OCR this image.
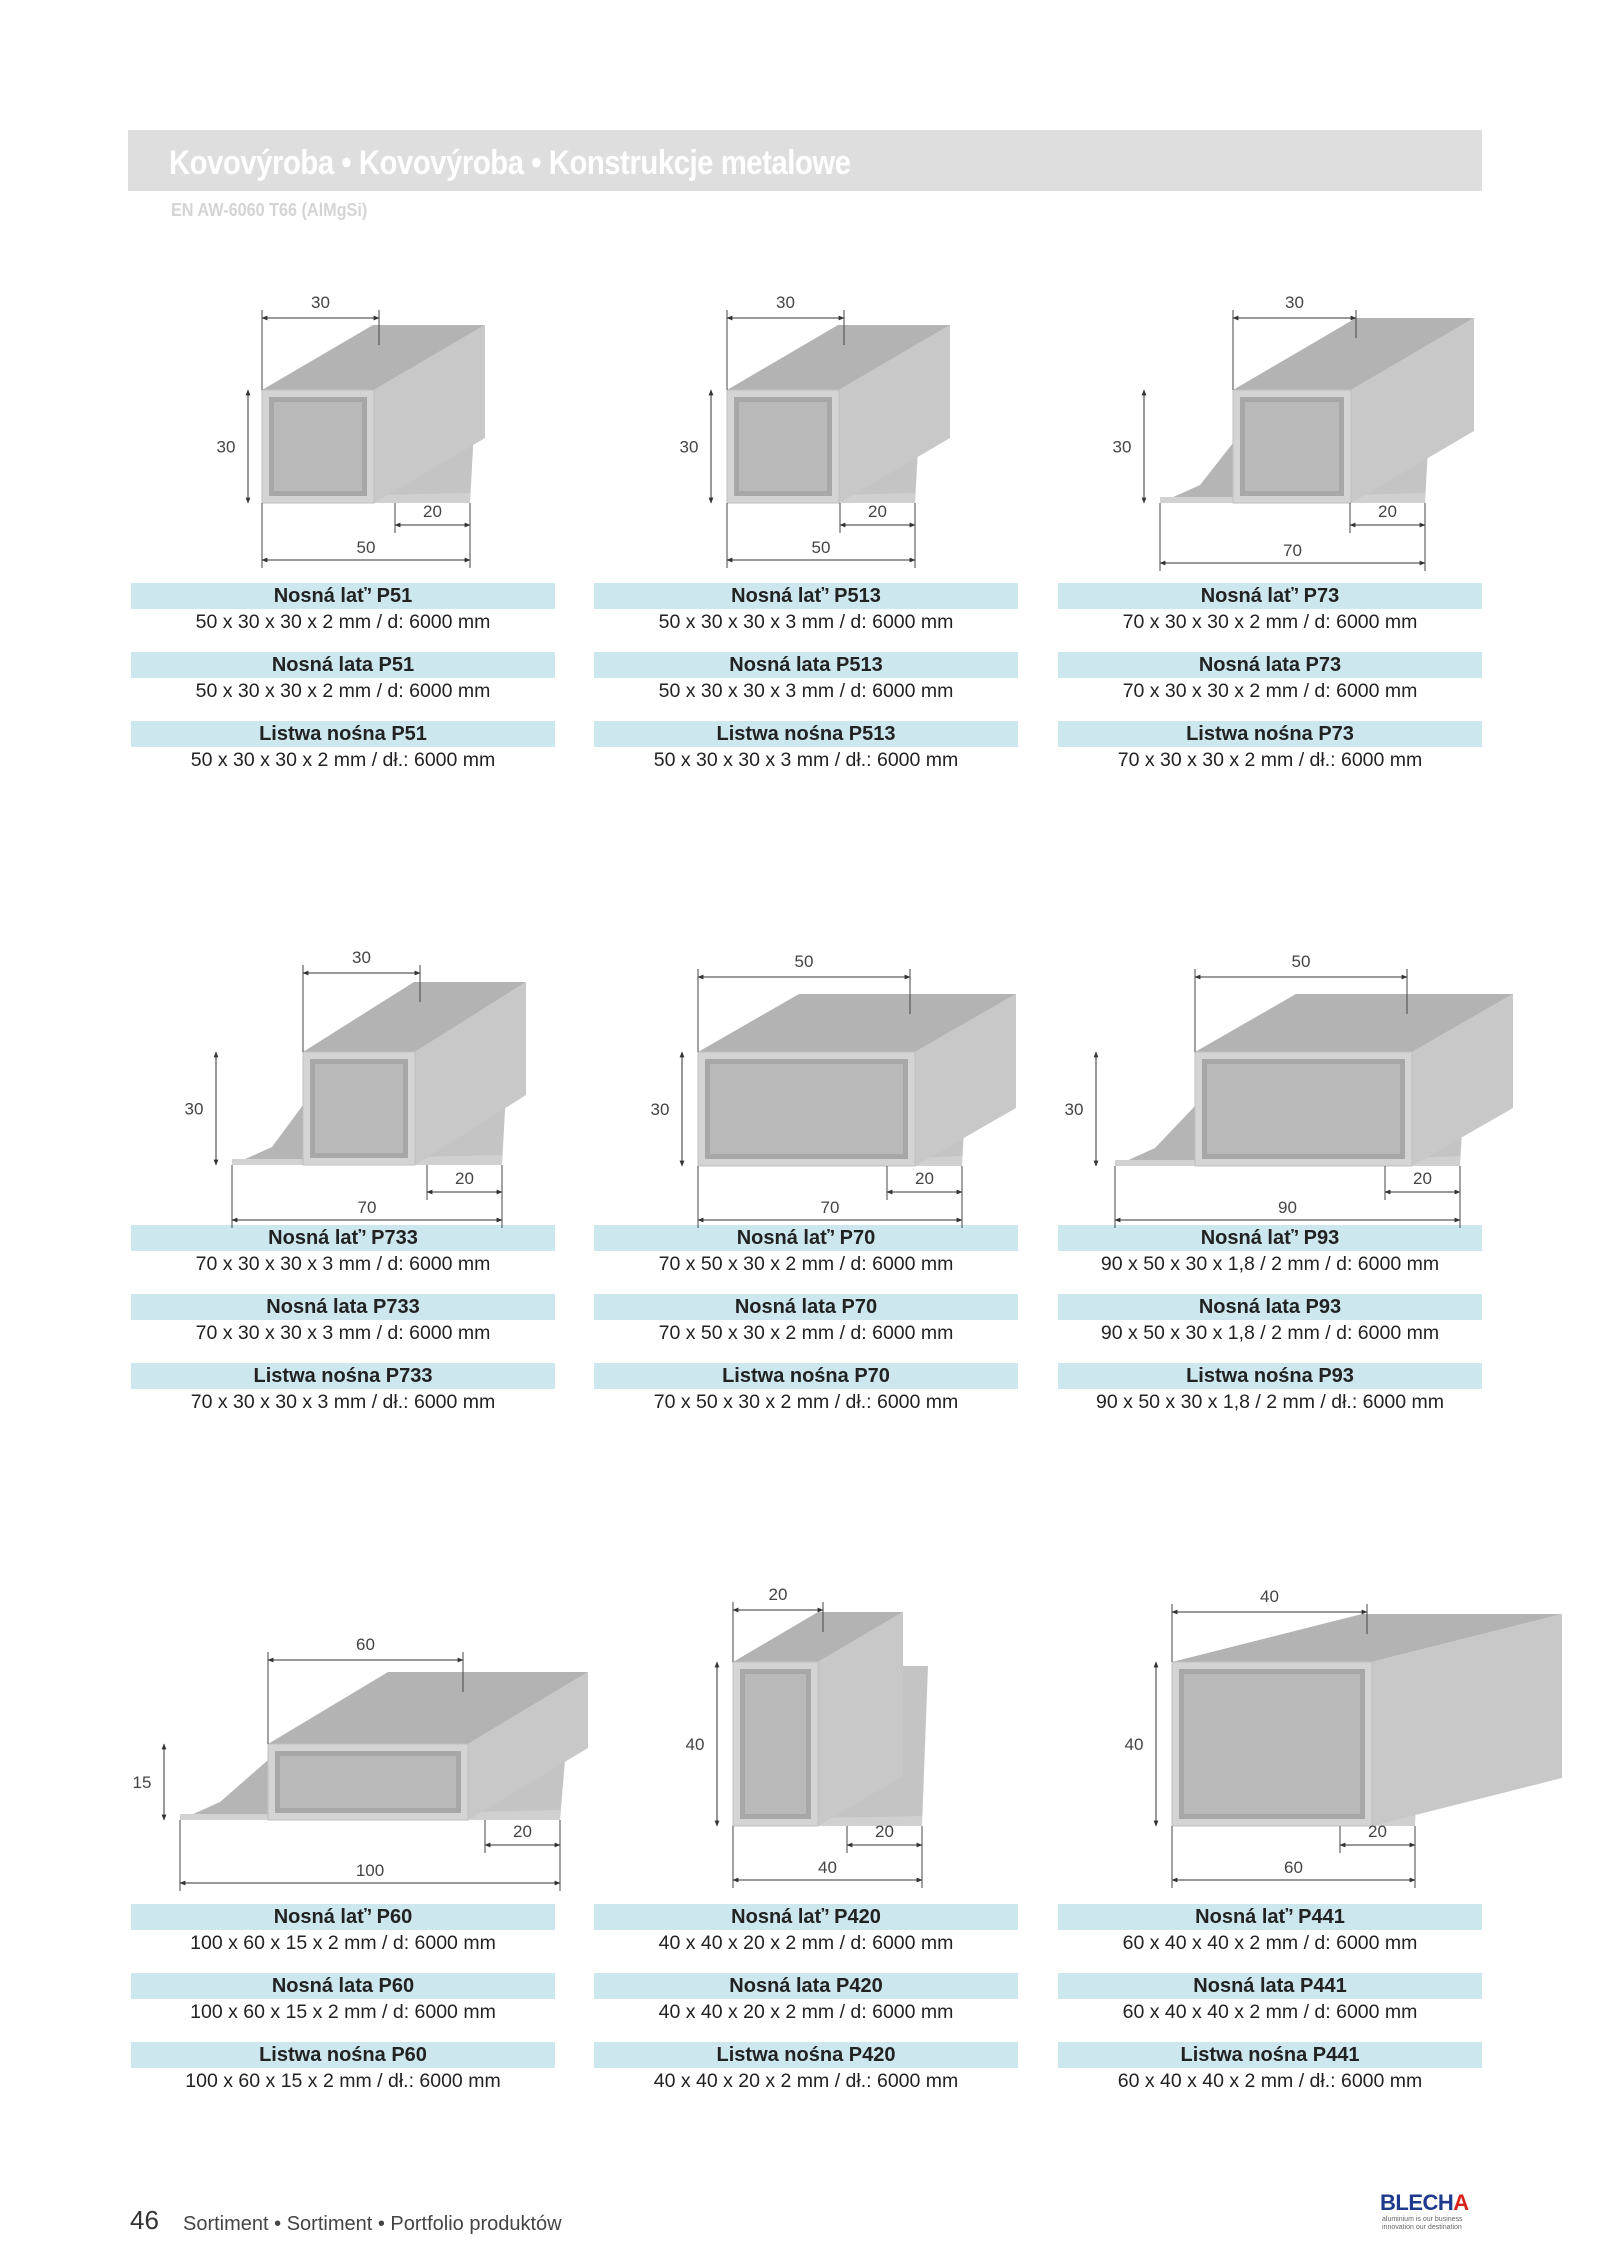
Kovovýroba • Kovovýroba • Konstrukcje metalowe
EN AW-6060 T66 (AlMgSi)
Nosná lať’ P51
50 x 30 x 30 x 2 mm / d: 6000 mm
Nosná lata P51
50 x 30 x 30 x 2 mm / d: 6000 mm
Listwa nośna P51
50 x 30 x 30 x 2 mm / dł.: 6000 mm
Nosná lať’ P513
50 x 30 x 30 x 3 mm / d: 6000 mm
Nosná lata P513
50 x 30 x 30 x 3 mm / d: 6000 mm
Listwa nośna P513
50 x 30 x 30 x 3 mm / dł.: 6000 mm
Nosná lať’ P73
70 x 30 x 30 x 2 mm / d: 6000 mm
Nosná lata P73
70 x 30 x 30 x 2 mm / d: 6000 mm
Listwa nośna P73
70 x 30 x 30 x 2 mm / dł.: 6000 mm
Nosná lať’ P733
70 x 30 x 30 x 3 mm / d: 6000 mm
Nosná lata P733
70 x 30 x 30 x 3 mm / d: 6000 mm
Listwa nośna P733
70 x 30 x 30 x 3 mm / dł.: 6000 mm
Nosná lať’ P70
70 x 50 x 30 x 2 mm / d: 6000 mm
Nosná lata P70
70 x 50 x 30 x 2 mm / d: 6000 mm
Listwa nośna P70
70 x 50 x 30 x 2 mm / dł.: 6000 mm
Nosná lať’ P93
90 x 50 x 30 x 1,8 / 2 mm / d: 6000 mm
Nosná lata P93
90 x 50 x 30 x 1,8 / 2 mm / d: 6000 mm
Listwa nośna P93
90 x 50 x 30 x 1,8 / 2 mm / dł.: 6000 mm
Nosná lať’ P60
100 x 60 x 15 x 2 mm / d: 6000 mm
Nosná lata P60
100 x 60 x 15 x 2 mm / d: 6000 mm
Listwa nośna P60
100 x 60 x 15 x 2 mm / dł.: 6000 mm
Nosná lať’ P420
40 x 40 x 20 x 2 mm / d: 6000 mm
Nosná lata P420
40 x 40 x 20 x 2 mm / d: 6000 mm
Listwa nośna P420
40 x 40 x 20 x 2 mm / dł.: 6000 mm
Nosná lať’ P441
60 x 40 x 40 x 2 mm / d: 6000 mm
Nosná lata P441
60 x 40 x 40 x 2 mm / d: 6000 mm
Listwa nośna P441
60 x 40 x 40 x 2 mm / dł.: 6000 mm
46 Sortiment • Sortiment • Portfolio produktów
BLECHA
aluminium is our business
innovation our destination
30
30
20
50
30
30
20
50
30
30
20
70
30
30
20
70
50
30
20
70
50
30
20
90
60
15
20
100
20
40
20
40
40
40
20
60
